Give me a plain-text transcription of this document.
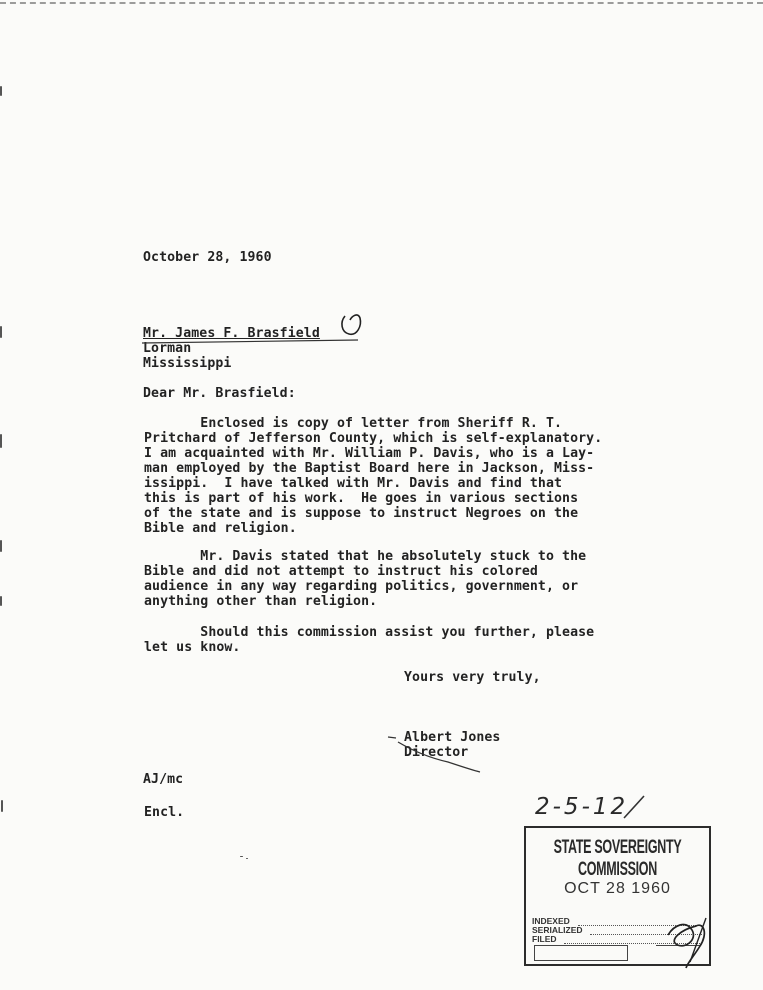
October 28, 1960
Mr. James F. Brasfield
Lorman
Mississippi
Dear Mr. Brasfield:
Enclosed is copy of letter from Sheriff R. T.
Pritchard of Jefferson County, which is self-explanatory.
I am acquainted with Mr. William P. Davis, who is a Lay-
man employed by the Baptist Board here in Jackson, Miss-
issippi.  I have talked with Mr. Davis and find that
this is part of his work.  He goes in various sections
of the state and is suppose to instruct Negroes on the
Bible and religion.
Mr. Davis stated that he absolutely stuck to the
Bible and did not attempt to instruct his colored
audience in any way regarding politics, government, or
anything other than religion.
Should this commission assist you further, please
let us know.
Yours very truly,
Albert Jones
Director
AJ/mc
Encl.	2-5-12
STATE SOVEREIGNTY COMMISSION
OCT 28 1960
INDEXED
SERIALIZED
FILED
